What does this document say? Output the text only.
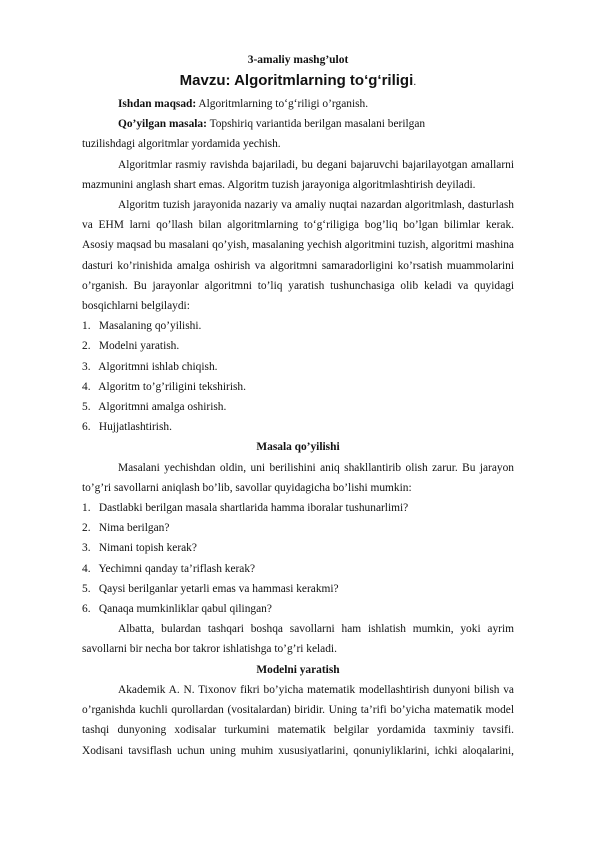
3-amaliy mashg’ulot

Mavzu: Algoritmlarning to‘g‘riligi.

Ishdan maqsad: Algoritmlarning to‘g‘riligi o’rganish.

Qo’yilgan masala: Topshiriq variantida berilgan masalani berilgan

tuzilishdagi algoritmlar yordamida yechish.

Algoritmlar rasmiy ravishda bajariladi, bu degani bajaruvchi bajarilayotgan amallarni mazmunini anglash shart emas. Algoritm tuzish jarayoniga algoritmlashtirish deyiladi.

Algoritm tuzish jarayonida nazariy va amaliy nuqtai nazardan algoritmlash, dasturlash va EHM larni qo’llash bilan algoritmlarning to‘g‘riligiga bog’liq bo’lgan bilimlar kerak. Asosiy maqsad bu masalani qo’yish, masalaning yechish algoritmini tuzish, algoritmi mashina dasturi ko’rinishida amalga oshirish va algoritmni samaradorligini ko’rsatish muammolarini o’rganish. Bu jarayonlar algoritmni to’liq yaratish tushunchasiga olib keladi va quyidagi bosqichlarni belgilaydi:

1. Masalaning qo’yilishi.
2. Modelni yaratish.
3. Algoritmni ishlab chiqish.
4. Algoritm to’g’riligini tekshirish.
5. Algoritmni amalga oshirish.
6. Hujjatlashtirish.

Masala qo’yilishi

Masalani yechishdan oldin, uni berilishini aniq shakllantirib olish zarur. Bu jarayon to’g’ri savollarni aniqlash bo’lib, savollar quyidagicha bo’lishi mumkin:

1. Dastlabki berilgan masala shartlarida hamma iboralar tushunarlimi?
2. Nima berilgan?
3. Nimani topish kerak?
4. Yechimni qanday ta’riflash kerak?
5. Qaysi berilganlar yetarli emas va hammasi kerakmi?
6. Qanaqa mumkinliklar qabul qilingan?

Albatta, bulardan tashqari boshqa savollarni ham ishlatish mumkin, yoki ayrim savollarni bir necha bor takror ishlatishga to’g’ri keladi.

Modelni yaratish

Akademik A. N. Tixonov fikri bo’yicha matematik modellashtirish dunyoni bilish va o’rganishda kuchli qurollardan (vositalardan) biridir. Uning ta’rifi bo’yicha matematik model tashqi dunyoning xodisalar turkumini matematik belgilar yordamida taxminiy tavsifi. Xodisani tavsiflash uchun uning muhim xususiyatlarini, qonuniyliklarini, ichki aloqalarini,
